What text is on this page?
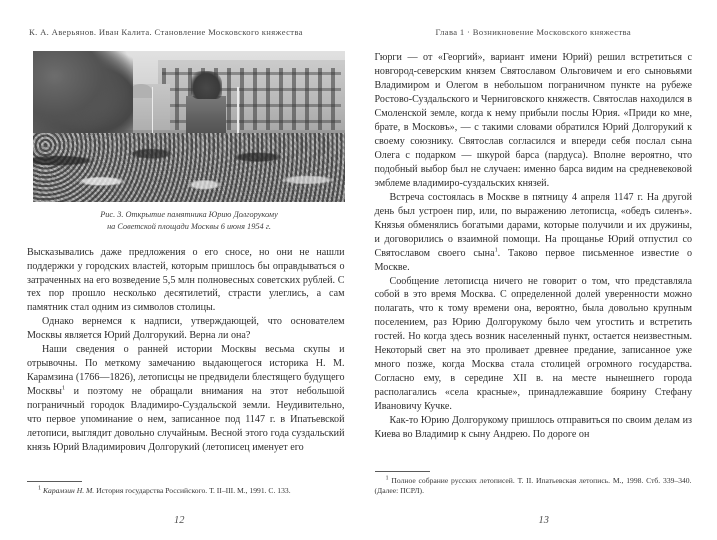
К. А. Аверьянов. Иван Калита. Становление Московского княжества
Рис. 3. Открытие памятника Юрию Долгорукому
на Советской площади Москвы 6 июня 1954 г.

Высказывались даже предложения о его сносе, но они не нашли поддержки у городских властей, которым пришлось бы оправдываться о затраченных на его возведение 5,5 млн полновесных советских рублей. С тех пор прошло несколько десятилетий, страсти улеглись, а сам памятник стал одним из символов столицы.

Однако вернемся к надписи, утверждающей, что основателем Москвы является Юрий Долгорукий. Верна ли она?

Наши сведения о ранней истории Москвы весьма скупы и отрывочны. По меткому замечанию выдающегося историка Н. М. Карамзина (1766—1826), летописцы не предвидели блестящего будущего Москвы$^1$ и поэтому не обращали внимания на этот небольшой пограничный городок Владимиро-Суздальской земли. Неудивительно, что первое упоминание о нем, записанное под 1147 г. в Ипатьевской летописи, выглядит довольно случайным. Весной этого года суздальский князь Юрий Владимирович Долгорукий (летописец именует его

$^1$ Карамзин Н. М. История государства Российского. Т. II–III. М., 1991. С. 133.
12
Глава 1 · Возникновение Московского княжества

Гюрги — от «Георгий», вариант имени Юрий) решил встретиться с новгород-северским князем Святославом Ольговичем и его сыновьями Владимиром и Олегом в небольшом пограничном пункте на рубеже Ростово-Суздальского и Черниговского княжеств. Святослав находился в Смоленской земле, когда к нему прибыли послы Юрия. «Приди ко мне, брате, в Московъ», — с такими словами обратился Юрий Долгорукий к своему союзнику. Святослав согласился и впереди себя послал сына Олега с подарком — шкурой барса (пардуса). Вполне вероятно, что подобный выбор был не случаен: именно барса видим на средневековой эмблеме владимиро-суздальских князей.

Встреча состоялась в Москве в пятницу 4 апреля 1147 г. На другой день был устроен пир, или, по выражению летописца, «обедъ силенъ». Князья обменялись богатыми дарами, которые получили и их дружины, и договорились о взаимной помощи. На прощанье Юрий отпустил со Святославом своего сына$^1$. Таково первое письменное известие о Москве.

Сообщение летописца ничего не говорит о том, что представляла собой в это время Москва. С определенной долей уверенности можно полагать, что к тому времени она, вероятно, была довольно крупным поселением, раз Юрию Долгорукому было чем угостить и встретить гостей. Но когда здесь возник населенный пункт, остается неизвестным. Некоторый свет на это проливает древнее предание, записанное уже много позже, когда Москва стала столицей огромного государства. Согласно ему, в середине XII в. на месте нынешнего города располагались «села красные», принадлежавшие боярину Стефану Ивановичу Кучке.

Как-то Юрию Долгорукому пришлось отправиться по своим делам из Киева во Владимир к сыну Андрею. По дороге он

$^1$ Полное собрание русских летописей. Т. II. Ипатьевская летопись. М., 1998. Стб. 339–340. (Далее: ПСРЛ).
13
